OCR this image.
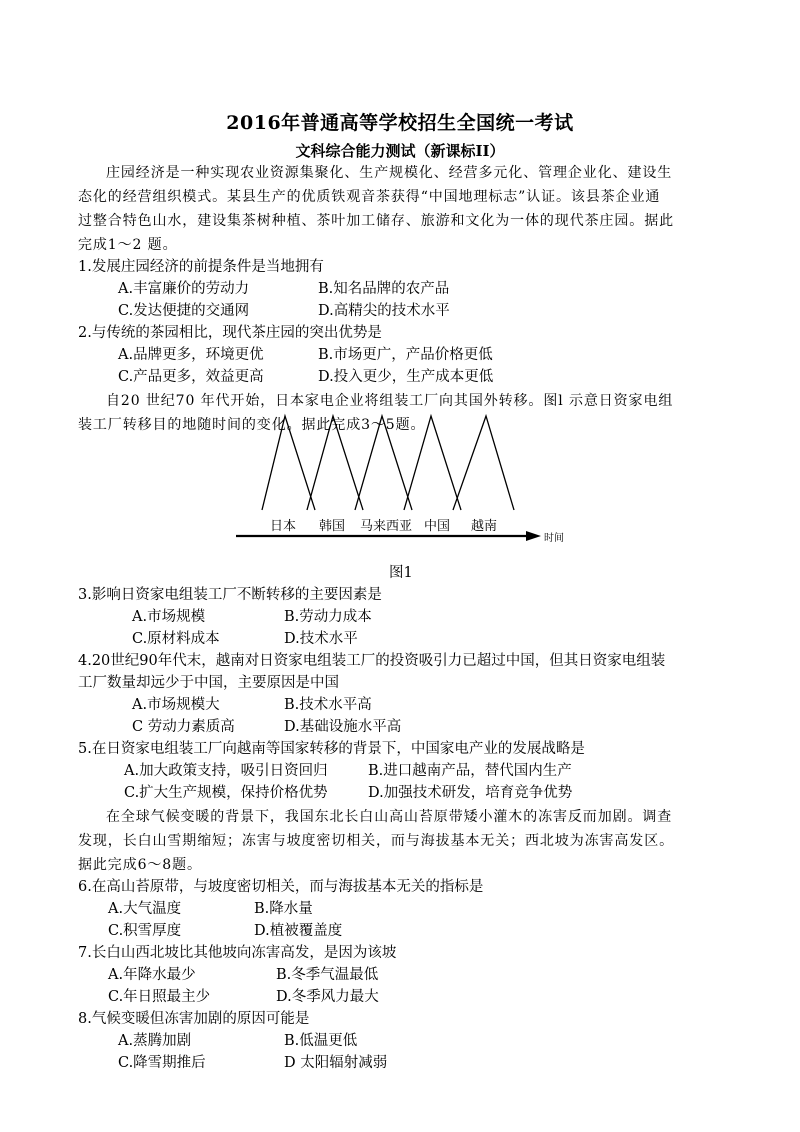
2016年普通高等学校招生全国统一考试
文科综合能力测试（新课标II）
庄园经济是一种实现农业资源集聚化、生产规模化、经营多元化、管理企业化、建设生
态化的经营组织模式。某县生产的优质铁观音茶获得“中国地理标志”认证。该县茶企业通
过整合特色山水，建设集茶树种植、茶叶加工储存、旅游和文化为一体的现代茶庄园。据此
完成1～2 题。
1.发展庄园经济的前提条件是当地拥有
A.丰富廉价的劳动力	B.知名品牌的农产品
C.发达便捷的交通网	D.高精尖的技术水平
2.与传统的茶园相比，现代茶庄园的突出优势是
A.品牌更多，环境更优	B.市场更广，产品价格更低
C.产品更多，效益更高	D.投入更少，生产成本更低
自20 世纪70 年代开始，日本家电企业将组装工厂向其国外转移。图l 示意日资家电组
装工厂转移目的地随时间的变化。据此完成3～5题。
日本 韩国 马来西亚 中国 越南
时间
图1
3.影响日资家电组装工厂不断转移的主要因素是
A.市场规模	B.劳动力成本
C.原材料成本	D.技术水平
4.20世纪90年代末，越南对日资家电组装工厂的投资吸引力已超过中国，但其日资家电组装
工厂数量却远少于中国，主要原因是中国
A.市场规模大	B.技术水平高
C 劳动力素质高	D.基础设施水平高
5.在日资家电组装工厂向越南等国家转移的背景下，中国家电产业的发展战略是
A.加大政策支持，吸引日资回归	B.进口越南产品，替代国内生产
C.扩大生产规模，保持价格优势	D.加强技术研发，培育竞争优势
在全球气候变暖的背景下，我国东北长白山高山苔原带矮小灌木的冻害反而加剧。调查
发现，长白山雪期缩短；冻害与坡度密切相关，而与海拔基本无关；西北坡为冻害高发区。
据此完成6～8题。
6.在高山苔原带，与坡度密切相关，而与海拔基本无关的指标是
A.大气温度	B.降水量
C.积雪厚度	D.植被覆盖度
7.长白山西北坡比其他坡向冻害高发，是因为该坡
A.年降水最少	B.冬季气温最低
C.年日照最主少	D.冬季风力最大
8.气候变暖但冻害加剧的原因可能是
A.蒸腾加剧	B.低温更低
C.降雪期推后	D 太阳辐射减弱
